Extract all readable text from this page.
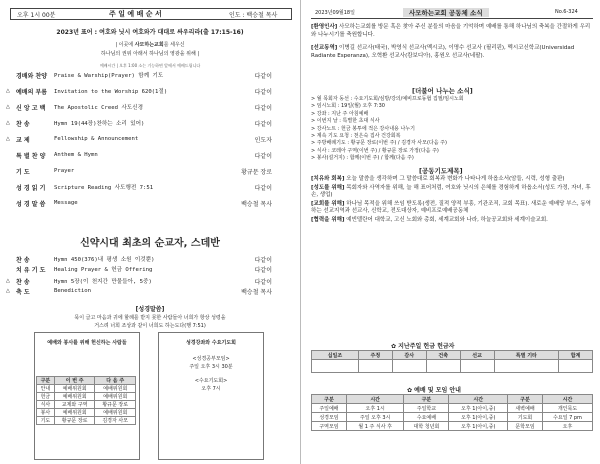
오후 1시 00분	주 일 예 배 순 서	인도 : 백승철 목사
2023년 표어 : 여호와 닛시 여호와가 대대로 싸우리라(출 17:15-16)
| 이곳에 사모하는교회를 세우신
하나님의 권위 아래서 하나님의 영광을 위해 |
예배시간 | 오후 1:00 소는 기능하면 앞에서 예배드립니다
	경배와 찬양	Praise & Warship(Prayer) 함께 기도	다같이

△	예배의 부름	Invitation to the Worship 620(1절)	다같이

△	신 앙 고 백	The Apostolic Creed 사도신경	다같이

△	찬 송	Hymn 19(44장)찬하는 소리 있어)	다같이

△	교 제	Fellowship & Announcement	인도자

	특 별 찬 양	Anthem & Hymn	다같이

	기 도	Prayer	황규문 장로

	성 경 읽 기	Scripture Reading 사도행전 7:51	다같이

	성 경 말 씀	Message	백승철 목사

신약시대 최초의 순교자, 스데반
	찬 송	Hymn 450(376)내 평생 소원 이것뿐)	다같이
	치 유 기 도	Healing Prayer & 헌금 Offering	다같이

△	찬 송	Hymn 5장(이 천지간 만물들아, 5중)	다같이
△	축 도	Benediction	백승철 목사
[성경말씀]
묵이 글고 마음과 귀에 할례를 받지 못한 사람들아 너희가 항상 성령을
거스려 너희 조상과 같이 너희도 하는도다(행 7:51)
예배와 봉사를 위해 헌신하는 사람들
구분	이 번 주	다 음 주
안내	예배위원회	예배위원회
헌금	예배위원회	예배위원회
식사	교제와 구역	황규문 장로
봉사	예배위원회	예배위원회
기도	황규문 장로	김경자 사모
성경강좌와 수요기도회
<성경공부모임>
주일 오후 3시 30분
<수요기도회>
오후 7시
2023년09월18일	사모하는교회 공동체 소식	No.6-324
[환영인사] 사모하는교회를 방문 혹은 찾아 주신 분들의 마음을 기억하며 예배를 통해 하나님의 축복을 간절하게 우리와 나누시기를 축원합니다.
[선교동역] 이병길 선교사(태국), 박영식 선교사(멕시코), 이명수 선교사 (필리핀), 멕시코신학교(Universidad Radiante Esperanza), 오혁환 선교사(캄보디아), 홍원오 선교사(네팔).
[더불어 나누는 소식]
> 월 목회자 동선 : 수요기도회/심방/강의/예비프로동협 집필/임시노회
> 임시노회 : 19일(월) 오후 7:30
> 강좌 : 지난 주 아침예배
> 이번지 날 : 특별한 초대 식사
> 강사노트 : 헌금 봉투에 적은 강사내용 나누기
> 계속 기도 요청 : 천은숙 집사 건강회복
> 주방배례기도 : 황규문 장로(이번 주) / 김경자 사모(다음 주)
> 식사 : 코레아 구역(이번 주) / 황규문 장로 가정(다음 주)
> 봉사(설거지) : 합께(이번 주) / 합께(다음 주)
[공동기도제목]
[치유와 회복] 오늘 말씀을 생각하며 그 말씀대로 회복과 변화가 나타나게 하옵소서(암들, 시력, 성형 출판)
[성도를 위해] 목회자와 사역자를 위해, 늘 해 표어처럼, 여호와 닛시의 은혜를 경험하게 하옵소서(성도 가정, 자녀, 후손, 생업)
[교회를 위해] 하나님 목적을 위해 쓰임 받도록(생전, 질적 양적 부흥, 기관조직, 교회 목표). 새로운 예배당 부스, 동역하는 선교지역과 선교사, 신학교, 전도대상자, 예비프로예배공동체
[협력을 위해] 예빈델란어 대학교, 고신 노회와 총회, 세계교회와 나라, 하늘공교회와 세계이슬교회.
✿ 지난주일 헌금 헌금자
십일조	주정	감사	건축	선교	특별 기타	합계

✿ 예배 및 모임 안내
구분	시간	구분	시간	구분	시간
주일예배	오후 1시	주일학교	오후 1(아이,중)	새벽예배	개인묵도
성경모임	주일 오후 3시	수요예배	오후 1(아이,중)	기도회	수요일 7 pm
구역모임	월 1 주 식사 후	대학 청년회	오후 1(아이,중)	문학모임	오후
